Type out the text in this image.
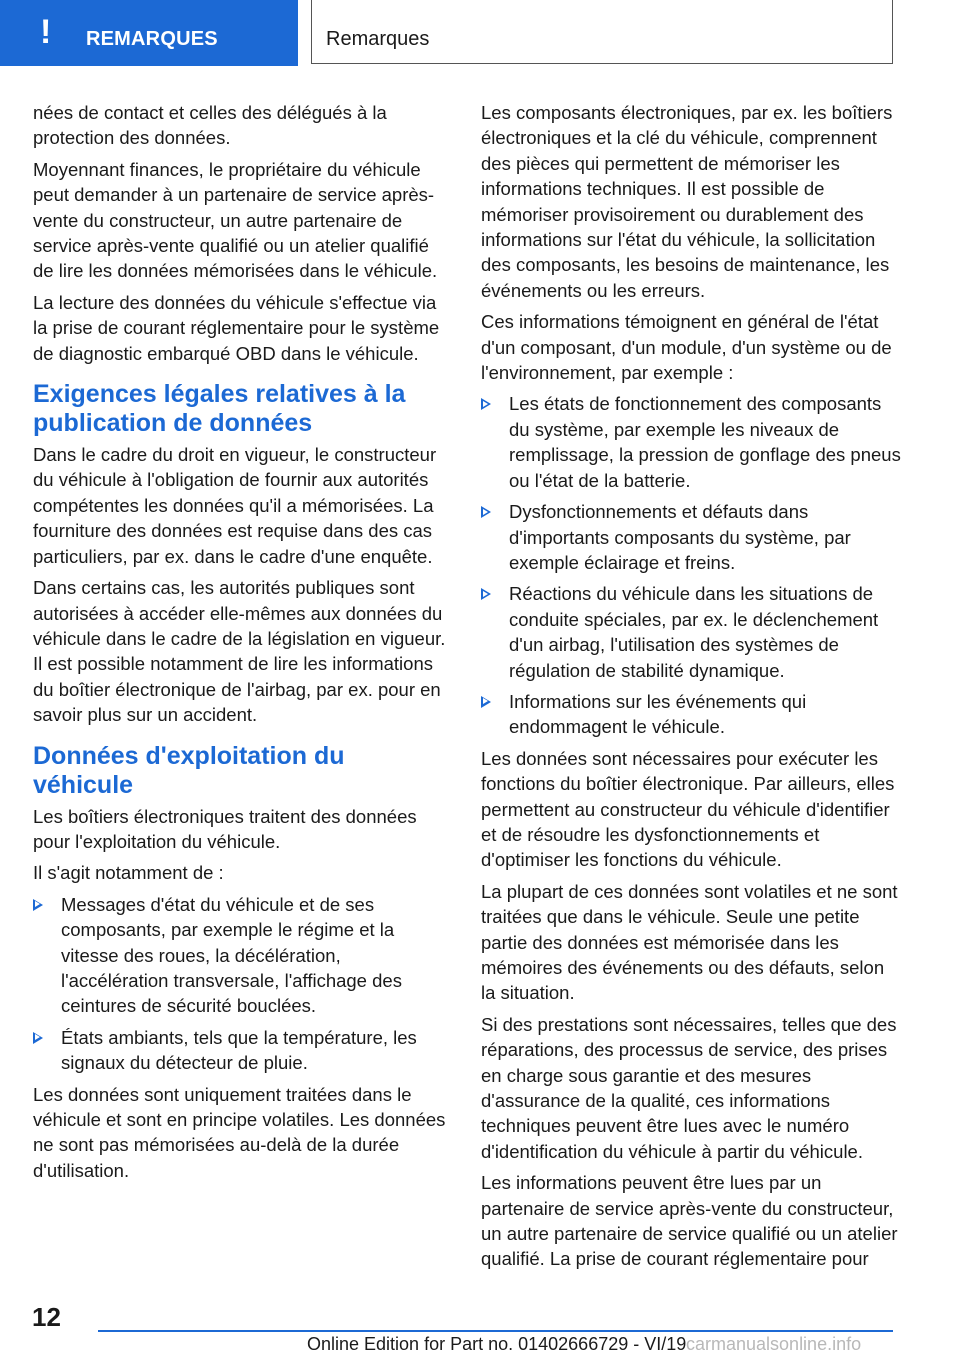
! REMARQUES	Remarques

nées de contact et celles des délégués à la protection des données.

Moyennant finances, le propriétaire du véhicule peut demander à un partenaire de service après-vente du constructeur, un autre partenaire de service après-vente qualifié ou un atelier qualifié de lire les données mémorisées dans le véhicule.

La lecture des données du véhicule s'effectue via la prise de courant réglementaire pour le système de diagnostic embarqué OBD dans le véhicule.

Exigences légales relatives à la publication de données

Dans le cadre du droit en vigueur, le constructeur du véhicule à l'obligation de fournir aux autorités compétentes les données qu'il a mémorisées. La fourniture des données est requise dans des cas particuliers, par ex. dans le cadre d'une enquête.

Dans certains cas, les autorités publiques sont autorisées à accéder elle-mêmes aux données du véhicule dans le cadre de la législation en vigueur. Il est possible notamment de lire les informations du boîtier électronique de l'airbag, par ex. pour en savoir plus sur un accident.

Données d'exploitation du véhicule

Les boîtiers électroniques traitent des données pour l'exploitation du véhicule.

Il s'agit notamment de :

Messages d'état du véhicule et de ses composants, par exemple le régime et la vitesse des roues, la décélération, l'accélération transversale, l'affichage des ceintures de sécurité bouclées.
États ambiants, tels que la température, les signaux du détecteur de pluie.

Les données sont uniquement traitées dans le véhicule et sont en principe volatiles. Les données ne sont pas mémorisées au-delà de la durée d'utilisation.

Les composants électroniques, par ex. les boîtiers électroniques et la clé du véhicule, comprennent des pièces qui permettent de mémoriser les informations techniques. Il est possible de mémoriser provisoirement ou durablement des informations sur l'état du véhicule, la sollicitation des composants, les besoins de maintenance, les événements ou les erreurs.

Ces informations témoignent en général de l'état d'un composant, d'un module, d'un système ou de l'environnement, par exemple :

Les états de fonctionnement des composants du système, par exemple les niveaux de remplissage, la pression de gonflage des pneus ou l'état de la batterie.
Dysfonctionnements et défauts dans d'importants composants du système, par exemple éclairage et freins.
Réactions du véhicule dans les situations de conduite spéciales, par ex. le déclenchement d'un airbag, l'utilisation des systèmes de régulation de stabilité dynamique.
Informations sur les événements qui endommagent le véhicule.

Les données sont nécessaires pour exécuter les fonctions du boîtier électronique. Par ailleurs, elles permettent au constructeur du véhicule d'identifier et de résoudre les dysfonctionnements et d'optimiser les fonctions du véhicule.

La plupart de ces données sont volatiles et ne sont traitées que dans le véhicule. Seule une petite partie des données est mémorisée dans les mémoires des événements ou des défauts, selon la situation.

Si des prestations sont nécessaires, telles que des réparations, des processus de service, des prises en charge sous garantie et des mesures d'assurance de la qualité, ces informations techniques peuvent être lues avec le numéro d'identification du véhicule à partir du véhicule.

Les informations peuvent être lues par un partenaire de service après-vente du constructeur, un autre partenaire de service qualifié ou un atelier qualifié. La prise de courant réglementaire pour

12
Online Edition for Part no. 01402666729 - VI/19 carmanualsonline.info
